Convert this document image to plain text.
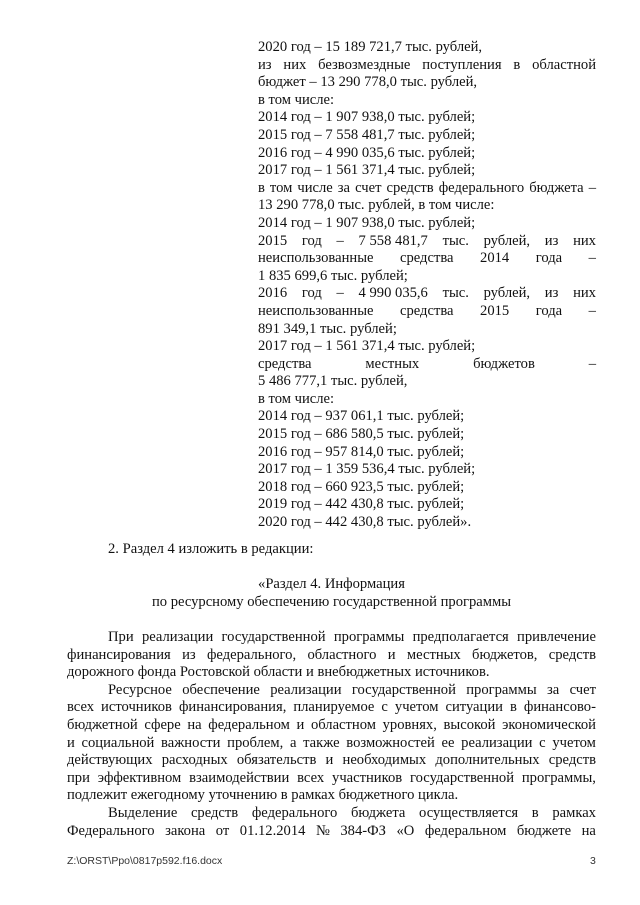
2020 год – 15 189 721,7 тыс. рублей,
из них безвозмездные поступления в областной
бюджет – 13 290 778,0 тыс. рублей,
в том числе:
2014 год – 1 907 938,0 тыс. рублей;
2015 год – 7 558 481,7 тыс. рублей;
2016 год – 4 990 035,6 тыс. рублей;
2017 год – 1 561 371,4 тыс. рублей;
в том числе за счет средств федерального бюджета –
13 290 778,0 тыс. рублей, в том числе:
2014 год – 1 907 938,0 тыс. рублей;
2015 год – 7 558 481,7 тыс. рублей, из них
неиспользованные средства 2014 года –
1 835 699,6 тыс. рублей;
2016 год – 4 990 035,6 тыс. рублей, из них
неиспользованные средства 2015 года –
891 349,1 тыс. рублей;
2017 год – 1 561 371,4 тыс. рублей;
средства	местных	бюджетов	–
5 486 777,1 тыс. рублей,
в том числе:
2014 год – 937 061,1 тыс. рублей;
2015 год – 686 580,5 тыс. рублей;
2016 год – 957 814,0 тыс. рублей;
2017 год – 1 359 536,4 тыс. рублей;
2018 год – 660 923,5 тыс. рублей;
2019 год – 442 430,8 тыс. рублей;
2020 год – 442 430,8 тыс. рублей».
2. Раздел 4 изложить в редакции:
«Раздел 4. Информация
по ресурсному обеспечению государственной программы
При реализации государственной программы предполагается привлечение
финансирования из федерального, областного и местных бюджетов, средств
дорожного фонда Ростовской области и внебюджетных источников.
Ресурсное обеспечение реализации государственной программы за счет
всех источников финансирования, планируемое с учетом ситуации в финансово-
бюджетной сфере на федеральном и областном уровнях, высокой экономической
и социальной важности проблем, а также возможностей ее реализации с учетом
действующих расходных обязательств и необходимых дополнительных средств
при эффективном взаимодействии всех участников государственной программы,
подлежит ежегодному уточнению в рамках бюджетного цикла.
Выделение средств федерального бюджета осуществляется в рамках
Федерального закона от 01.12.2014 № 384-ФЗ «О федеральном бюджете на
Z:\ORST\Ppo\0817p592.f16.docx	3
